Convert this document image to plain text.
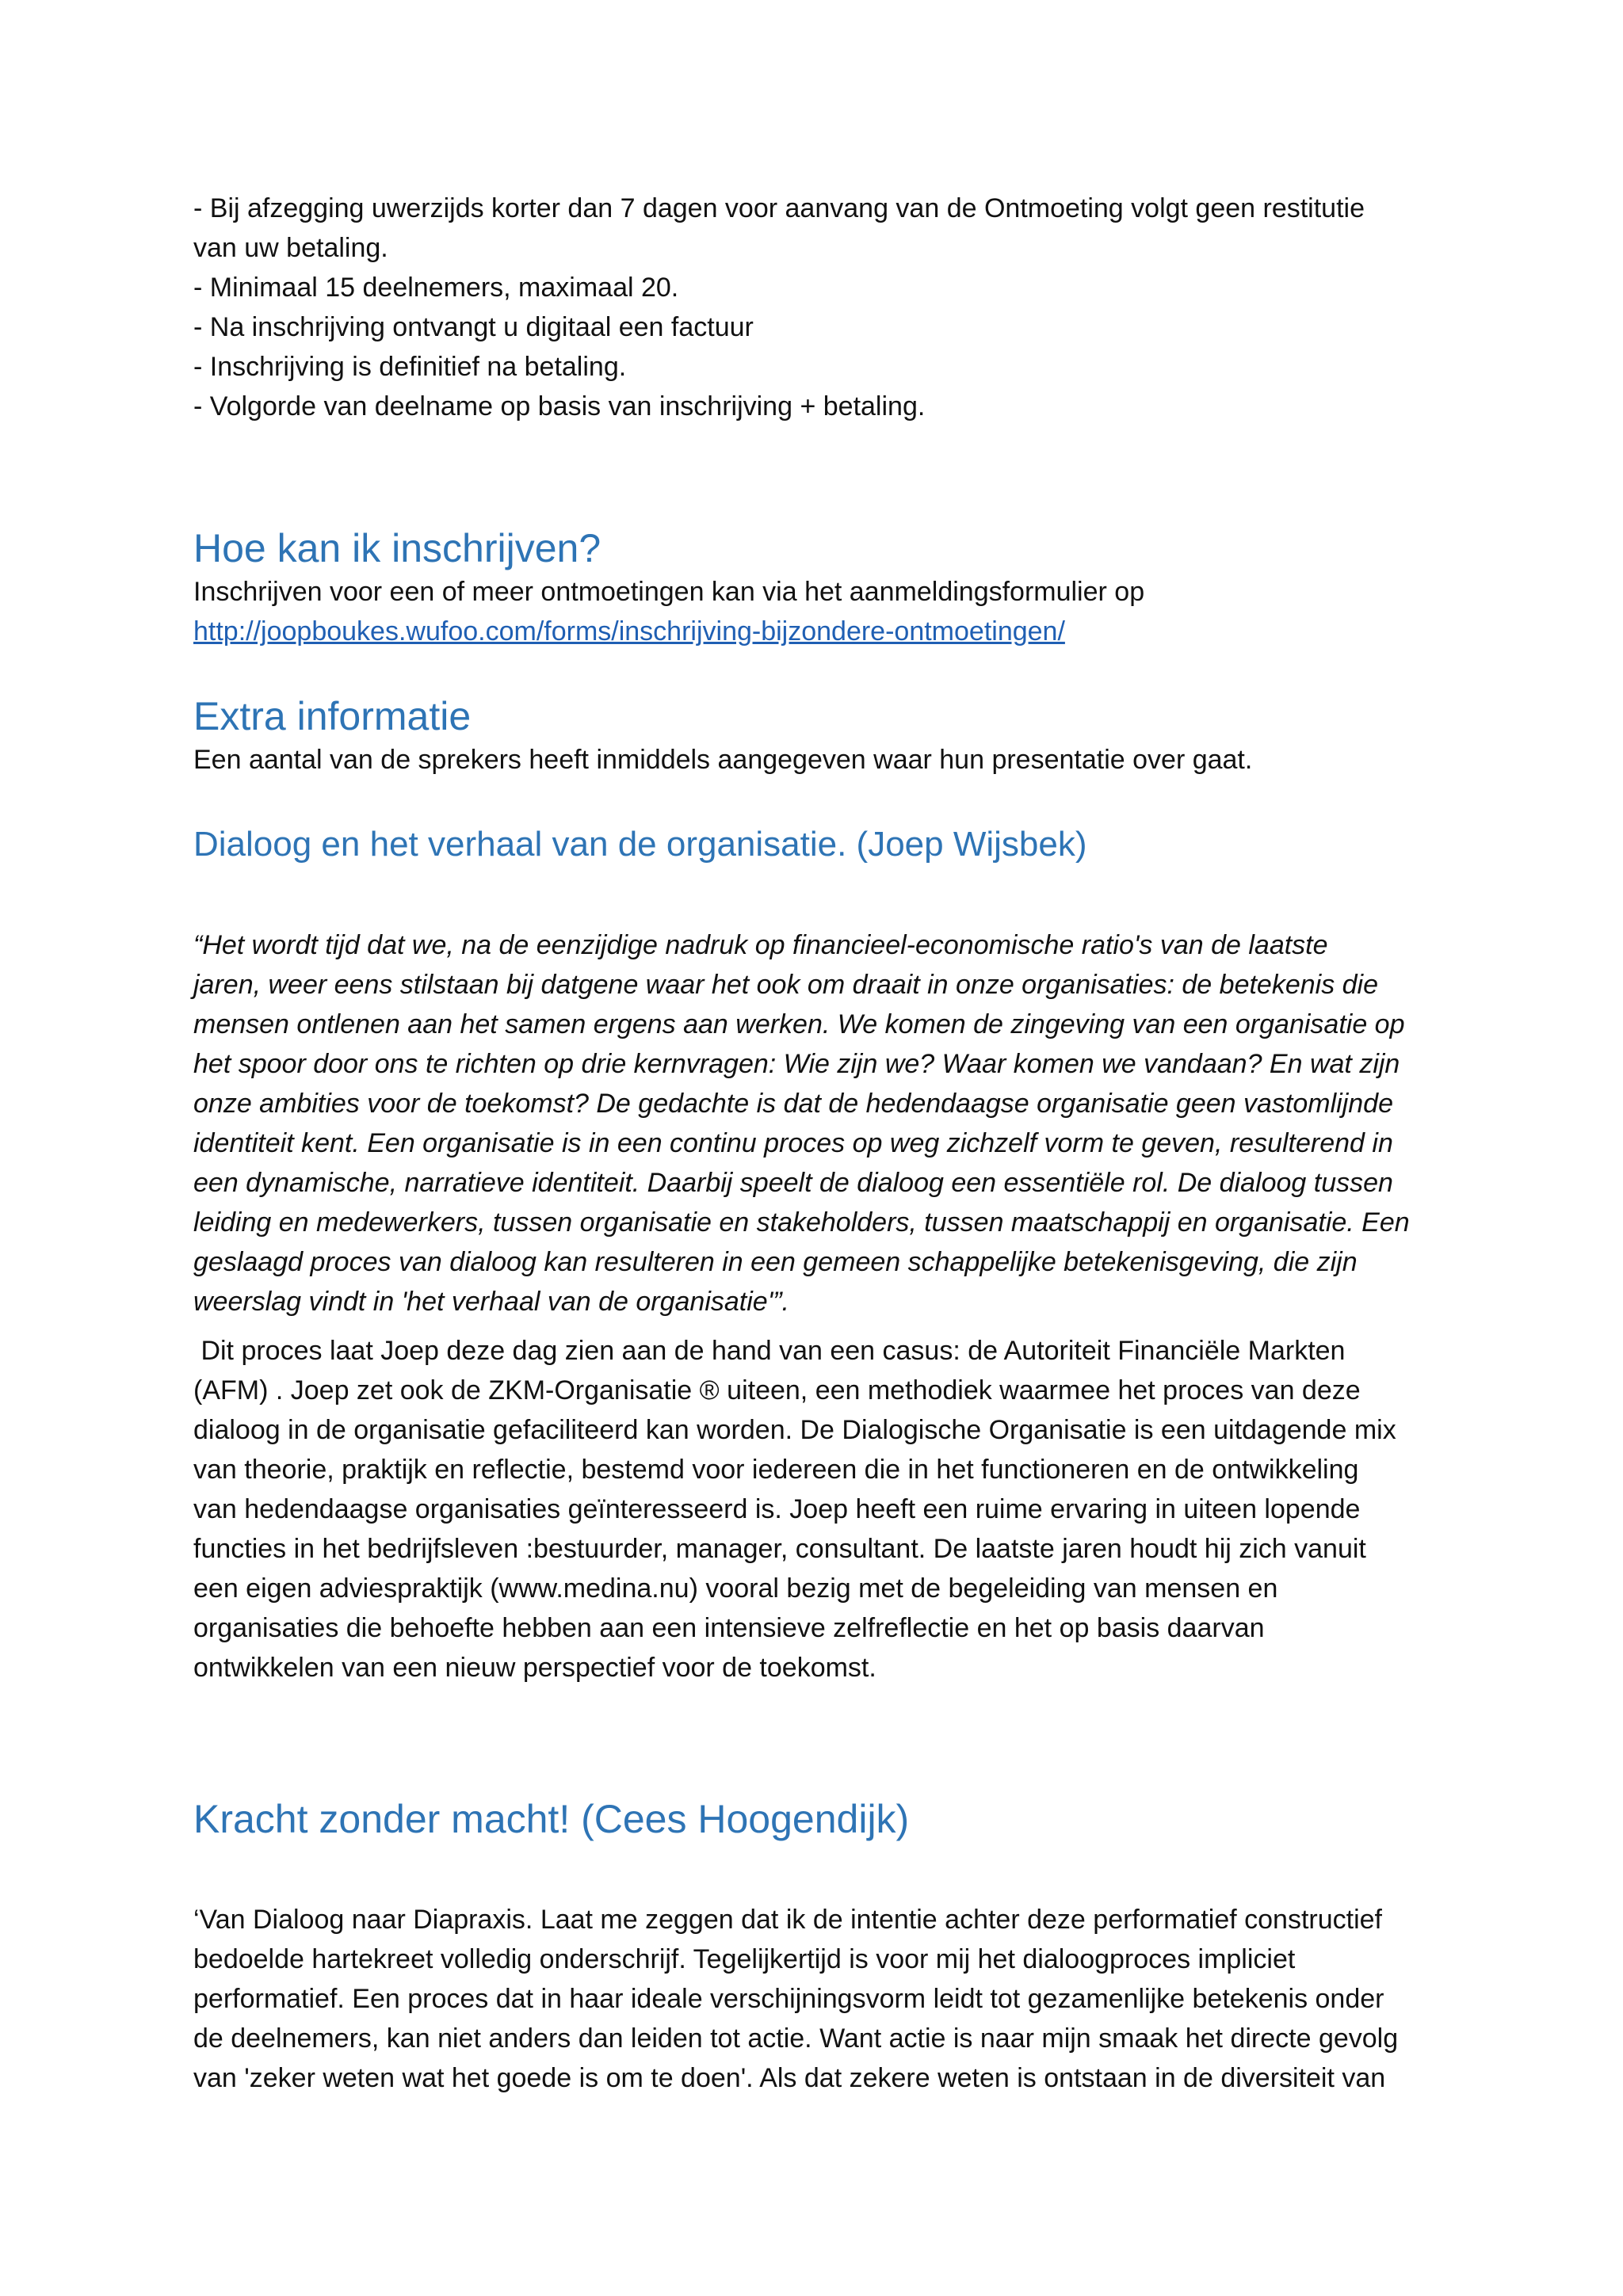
- Bij afzegging uwerzijds korter dan 7 dagen voor aanvang van de Ontmoeting volgt geen restitutie

van uw betaling.

- Minimaal 15 deelnemers, maximaal 20.

- Na inschrijving ontvangt u digitaal een factuur

- Inschrijving is definitief na betaling.

- Volgorde van deelname op basis van inschrijving + betaling.

Hoe kan ik inschrijven?

Inschrijven voor een of meer ontmoetingen kan via het aanmeldingsformulier op

http://joopboukes.wufoo.com/forms/inschrijving-bijzondere-ontmoetingen/

Extra informatie

Een aantal van de sprekers heeft inmiddels aangegeven waar hun presentatie over gaat.

Dialoog en het verhaal van de organisatie. (Joep Wijsbek)

“Het wordt tijd dat we, na de eenzijdige nadruk op financieel-economische ratio's van de laatste

jaren, weer eens stilstaan bij datgene waar het ook om draait in onze organisaties: de betekenis die

mensen ontlenen aan het samen ergens aan werken. We komen de zingeving van een organisatie op

het spoor door ons te richten op drie kernvragen: Wie zijn we? Waar komen we vandaan? En wat zijn

onze ambities voor de toekomst? De gedachte is dat de hedendaagse organisatie geen vastomlijnde

identiteit kent. Een organisatie is in een continu proces op weg zichzelf vorm te geven, resulterend in

een dynamische, narratieve identiteit. Daarbij speelt de dialoog een essentiële rol. De dialoog tussen

leiding en medewerkers, tussen organisatie en stakeholders, tussen maatschappij en organisatie. Een

geslaagd proces van dialoog kan resulteren in een gemeen schappelijke betekenisgeving, die zijn

weerslag vindt in 'het verhaal van de organisatie'”.

Dit proces laat Joep deze dag zien aan de hand van een casus: de Autoriteit Financiële Markten

(AFM) . Joep zet ook de ZKM-Organisatie ® uiteen, een methodiek waarmee het proces van deze

dialoog in de organisatie gefaciliteerd kan worden. De Dialogische Organisatie is een uitdagende mix

van theorie, praktijk en reflectie, bestemd voor iedereen die in het functioneren en de ontwikkeling

van hedendaagse organisaties geïnteresseerd is. Joep heeft een ruime ervaring in uiteen lopende

functies in het bedrijfsleven :bestuurder, manager, consultant. De laatste jaren houdt hij zich vanuit

een eigen adviespraktijk (www.medina.nu) vooral bezig met de begeleiding van mensen en

organisaties die behoefte hebben aan een intensieve zelfreflectie en het op basis daarvan

ontwikkelen van een nieuw perspectief voor de toekomst.

Kracht zonder macht! (Cees Hoogendijk)

‘Van Dialoog naar Diapraxis. Laat me zeggen dat ik de intentie achter deze performatief constructief

bedoelde hartekreet volledig onderschrijf. Tegelijkertijd is voor mij het dialoogproces impliciet

performatief. Een proces dat in haar ideale verschijningsvorm leidt tot gezamenlijke betekenis onder

de deelnemers, kan niet anders dan leiden tot actie. Want actie is naar mijn smaak het directe gevolg

van 'zeker weten wat het goede is om te doen'. Als dat zekere weten is ontstaan in de diversiteit van
